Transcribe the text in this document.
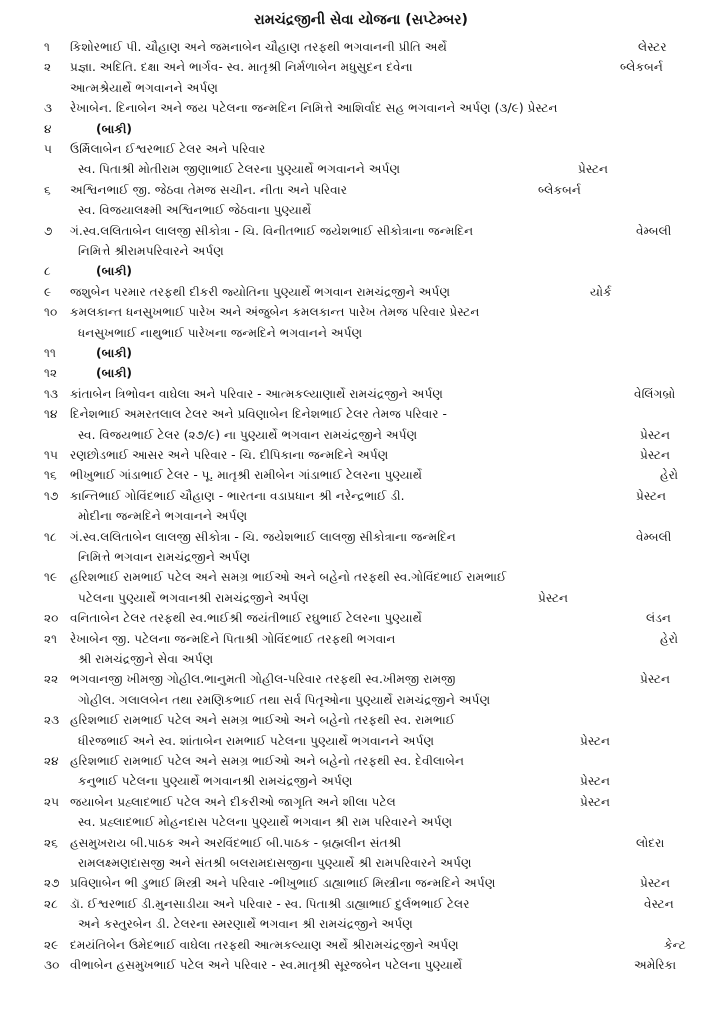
રામચંદ્રજીની સેવા યોજના (સપ્ટેમ્બર)
૧ કિશોરભાઈ પી. ચૌહાણ અને જમનાબેન ચૌહાણ તરફથી ભગવાનની પ્રીતિ અર્થે	લેસ્ટર
૨ પ્રજ્ઞા. અદિતિ. દક્ષા અને ભાર્ગવ- સ્વ. માતૃશ્રી નિર્મળાબેન મધુસુદન દવેના	બ્લેકબર્ન
આત્મશ્રેયાર્થે ભગવાનને અર્પણ
૩ રેખાબેન. દિનાબેન અને જય પટેલના જન્મદિન નિમિત્તે આશિર્વાદ સહ ભગવાનને અર્પણ (૩/૯) પ્રેસ્ટન
૪	(બાકી)
૫ ઉર્મિલાબેન ઈશ્વરભાઈ ટેલર અને પરિવાર
સ્વ. પિતાશ્રી મોતીરામ જીણાભાઈ ટેલરના પુણ્યાર્થે ભગવાનને અર્પણ	પ્રેસ્ટન
૬ અશ્વિનભાઈ જી. જેઠવા તેમજ સચીન. નીતા અને પરિવાર	બ્લેકબર્ન
સ્વ. વિજયાલક્ષ્મી અશ્વિનભાઈ જેઠવાના પુણ્યાર્થે
૭ ગં.સ્વ.લલિતાબેન લાલજી સીકોત્રા - ચિ. વિનીતભાઈ જયેશભાઈ સીકોત્રાના જન્મદિન	વેમ્બલી
નિમિત્તે શ્રીરામપરિવારને અર્પણ
૮	(બાકી)
૯ જશુબેન પરમાર તરફથી દીકરી જ્યોતિના પુણ્યાર્થે ભગવાન રામચંદ્રજીને અર્પણ	યોર્ક
૧૦ કમલકાન્ત ધનસુખભાઈ પારેખ અને અંજુબેન કમલકાન્ત પારેખ તેમજ પરિવાર પ્રેસ્ટન
ધનસુખભાઈ નાથુભાઈ પારેખના જન્મદિને ભગવાનને અર્પણ
૧૧	(બાકી)
૧૨	(બાકી)
૧૩ કાંતાબેન ત્રિભોવન વાઘેલા અને પરિવાર - આત્મકલ્યાણાર્થે રામચંદ્રજીને અર્પણ	વેલિંગબ્રો
૧૪ દિનેશભાઈ અમરતલાલ ટેલર અને પ્રવિણાબેન દિનેશભાઈ ટેલર તેમજ પરિવાર -
સ્વ. વિજયભાઈ ટેલર (૨૭/૯) ના પુણ્યાર્થે ભગવાન રામચંદ્રજીને અર્પણ	પ્રેસ્ટન
૧૫ રણછોડભાઈ આસર અને પરિવાર - ચિ. દીપિકાના જન્મદિને અર્પણ	પ્રેસ્ટન
૧૬ ભીખુભાઈ ગાંડાભાઈ ટેલર - પૂ. માતૃશ્રી રામીબેન ગાંડાભાઈ ટેલરના પુણ્યાર્થે	હેરો
૧૭ કાન્તિભાઈ ગોવિંદભાઈ ચૌહાણ - ભારતના વડાપ્રધાન શ્રી નરેન્દ્રભાઈ ડી.	પ્રેસ્ટન
મોદીના જન્મદિને ભગવાનને અર્પણ
૧૮ ગં.સ્વ.લલિતાબેન લાલજી સીકોત્રા - ચિ. જયેશભાઈ લાલજી સીકોત્રાના જન્મદિન	વેમ્બલી
નિમિત્તે ભગવાન રામચંદ્રજીને અર્પણ
૧૯ હરિશભાઈ રામભાઈ પટેલ અને સમગ્ર ભાઈઓ અને બહેનો તરફથી સ્વ.ગોવિંદભાઈ રામભાઈ
પટેલના પુણ્યાર્થે ભગવાનશ્રી રામચંદ્રજીને અર્પણ	પ્રેસ્ટન
૨૦ વનિતાબેન ટેલર તરફથી સ્વ.ભાઈશ્રી જયંતીભાઈ રઘુભાઈ ટેલરના પુણ્યાર્થે	લંડન
૨૧ રેખાબેન જી. પટેલના જન્મદિને પિતાશ્રી ગોવિંદભાઈ તરફથી ભગવાન	હેરો
શ્રી રામચંદ્રજીને સેવા અર્પણ
૨૨ ભગવાનજી ખીમજી ગોહીલ.ભાનુમતી ગોહીલ-પરિવાર તરફથી સ્વ.ખીમજી રામજી	પ્રેસ્ટન
ગોહીલ. ગલાલબેન તથા રમણિકભાઈ તથા સર્વ પિતૃઓના પુણ્યાર્થે રામચંદ્રજીને અર્પણ
૨૩ હરિશભાઈ રામભાઈ પટેલ અને સમગ્ર ભાઈઓ અને બહેનો તરફથી સ્વ. રામભાઈ
ધીરજભાઈ અને સ્વ. શાંતાબેન રામભાઈ પટેલના પુણ્યાર્થે ભગવાનને અર્પણ	પ્રેસ્ટન
૨૪ હરિશભાઈ રામભાઈ પટેલ અને સમગ્ર ભાઈઓ અને બહેનો તરફથી સ્વ. દેવીલાબેન
કનુભાઈ પટેલના પુણ્યાર્થે ભગવાનશ્રી રામચંદ્રજીને અર્પણ	પ્રેસ્ટન
૨૫ જયાબેન પ્રહ્લાદભાઈ પટેલ અને દીકરીઓ જાગૃતિ અને શીલા પટેલ	પ્રેસ્ટન
સ્વ. પ્રહ્લાદભાઈ મોહનદાસ પટેલના પુણ્યાર્થે ભગવાન શ્રી રામ પરિવારને અર્પણ
૨૬ હસમુખરાય બી.પાઠક અને અરવિંદભાઈ બી.પાઠક - બ્રહ્મલીન સંતશ્રી	લોદરા
રામલક્ષ્મણદાસજી અને સંતશ્રી બલરામદાસજીના પુણ્યાર્થે શ્રી રામપરિવારને અર્પણ
૨૭ પ્રવિણાબેન ભી ડુભાઈ મિસ્ત્રી અને પરિવાર -ભીખુભાઈ ડાહ્યાભાઈ મિસ્ત્રીના જન્મદિને અર્પણ	પ્રેસ્ટન
૨૮ ડૉ. ઈશ્વરભાઈ ડી.મુનસાડીયા અને પરિવાર - સ્વ. પિતાશ્રી ડાહ્યાભાઈ દુર્લભભાઈ ટેલર	વેસ્ટન
અને કસ્તુરબેન ડી. ટેલરના સ્મરણાર્થે ભગવાન શ્રી રામચંદ્રજીને અર્પણ
૨૯ દમયંતિબેન ઉમેદભાઈ વાઘેલા તરફથી આત્મકલ્યાણ અર્થે શ્રીરામચંદ્રજીને અર્પણ	કેન્ટ
૩૦ વીભાબેન હસમુખભાઈ પટેલ અને પરિવાર - સ્વ.માતૃશ્રી સૂરજબેન પટેલના પુણ્યાર્થે	અમેરિકા
